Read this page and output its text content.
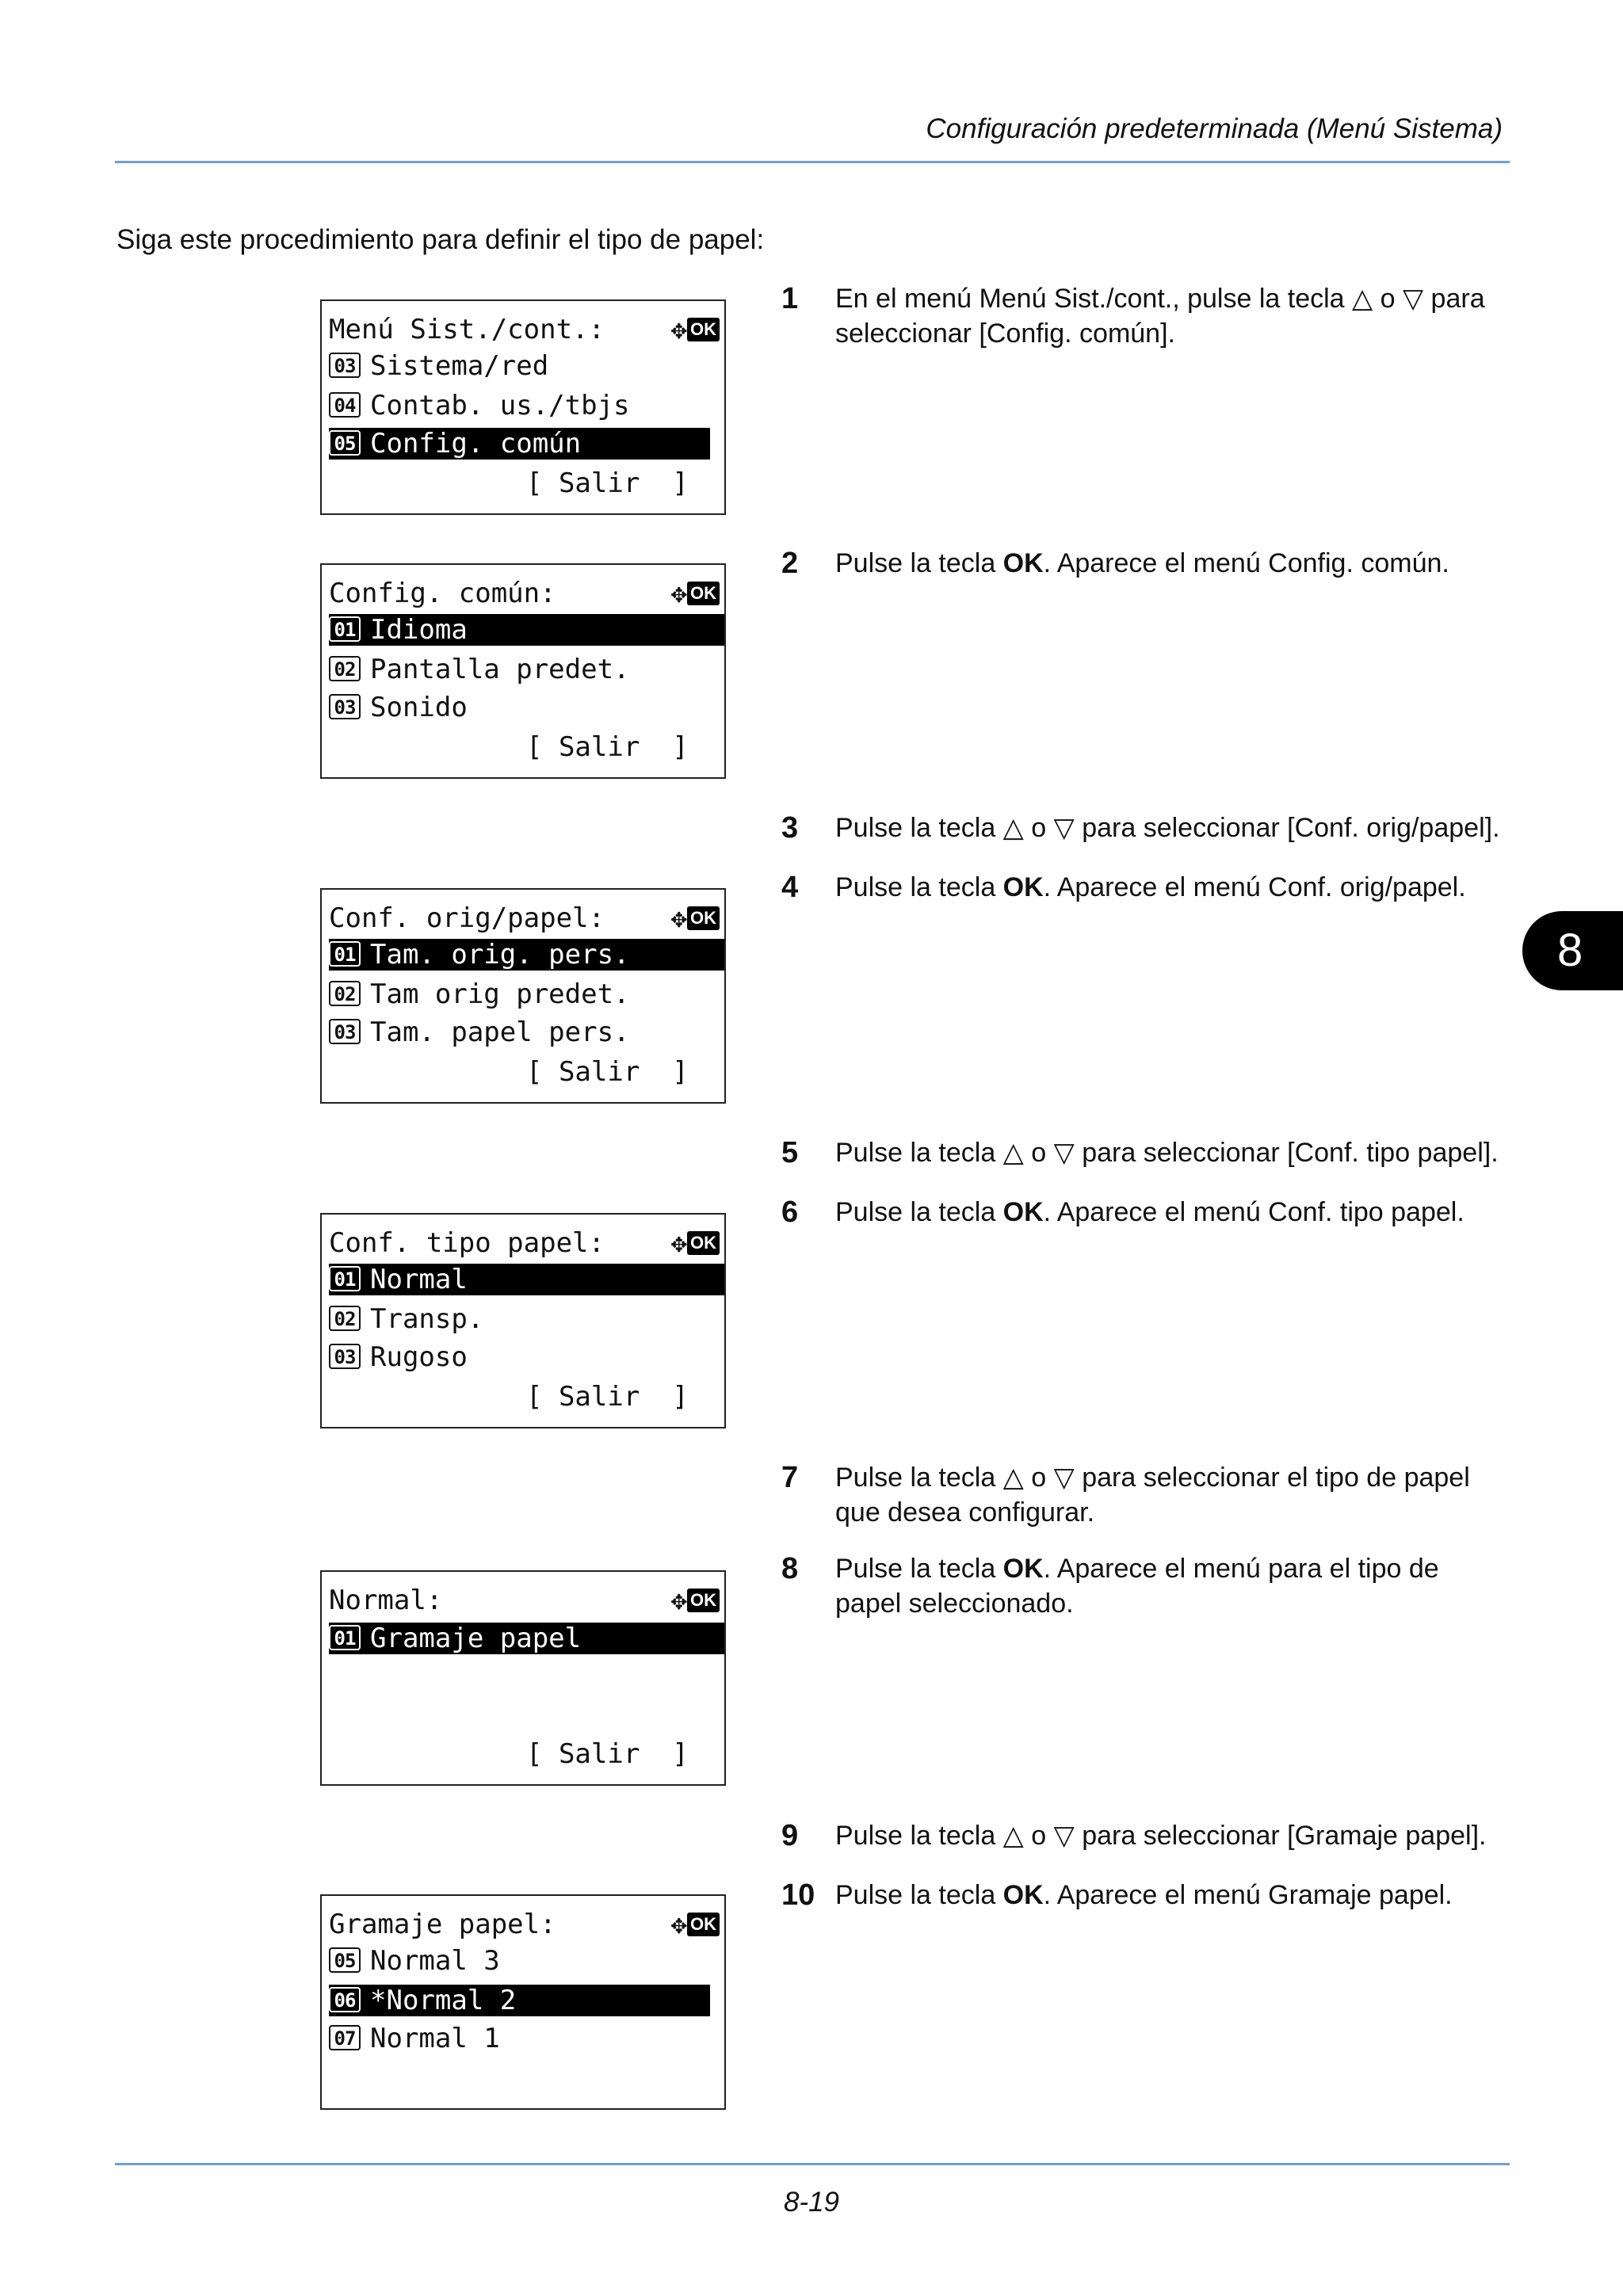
Configuración predeterminada (Menú Sistema)
Siga este procedimiento para definir el tipo de papel:
8
Menú Sist./cont.: ✥ OK
03 Sistema/red
04 Contab. us./tbjs
05 Config. común
[ Salir  ]
Config. común:	✥ OK
01 Idioma
02 Pantalla predet.
03 Sonido
[ Salir  ]
Conf. orig/papel: ✥ OK
01 Tam. orig. pers.
02 Tam orig predet.
03 Tam. papel pers.
[ Salir  ]
Conf. tipo papel: ✥ OK
01 Normal
02 Transp.
03 Rugoso
[ Salir  ]
Normal:	✥ OK
01 Gramaje papel
[ Salir  ]
Gramaje papel:	✥ OK
05 Normal 3
06 *Normal 2
07 Normal 1
1 En el menú Menú Sist./cont., pulse la tecla △ o ▽ para seleccionar [Config. común].
2 Pulse la tecla OK. Aparece el menú Config. común.
3 Pulse la tecla △ o ▽ para seleccionar [Conf. orig/papel].
4 Pulse la tecla OK. Aparece el menú Conf. orig/papel.
5 Pulse la tecla △ o ▽ para seleccionar [Conf. tipo papel].
6 Pulse la tecla OK. Aparece el menú Conf. tipo papel.
7 Pulse la tecla △ o ▽ para seleccionar el tipo de papel que desea configurar.
8 Pulse la tecla OK. Aparece el menú para el tipo de papel seleccionado.
9 Pulse la tecla △ o ▽ para seleccionar [Gramaje papel].
10 Pulse la tecla OK. Aparece el menú Gramaje papel.
8-19
